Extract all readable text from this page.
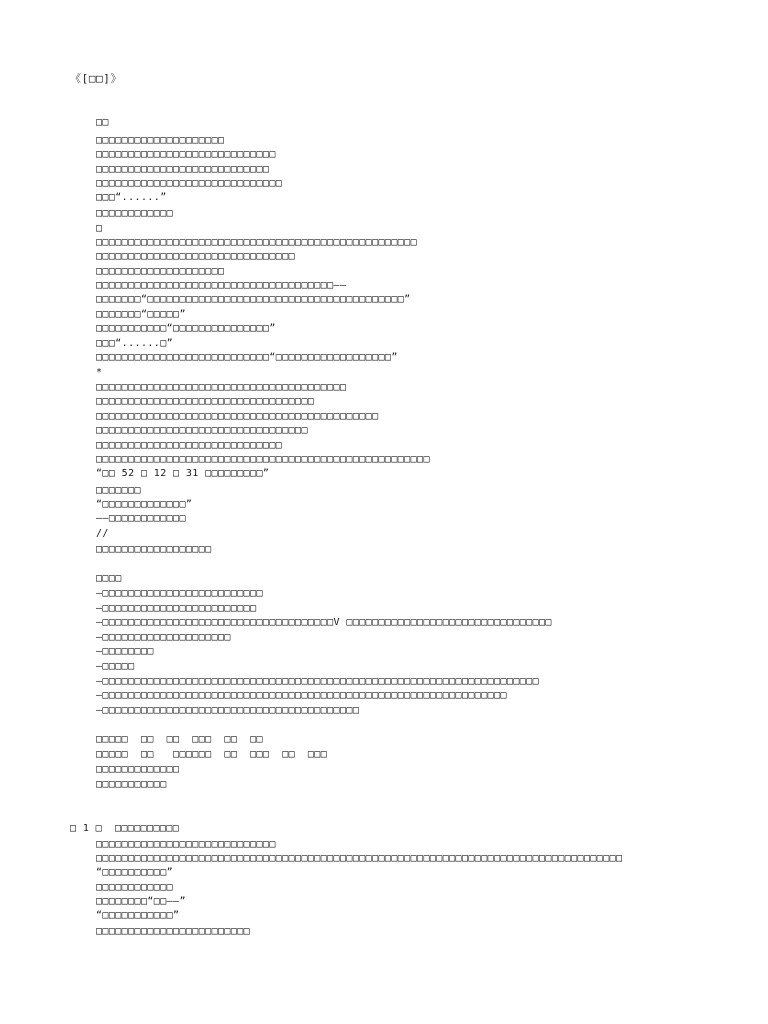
《[□□]》
□□
□□□□□□□□□□□□□□□□□□□□
□□□□□□□□□□□□□□□□□□□□□□□□□□□□
□□□□□□□□□□□□□□□□□□□□□□□□□□□
□□□□□□□□□□□□□□□□□□□□□□□□□□□□□
□□□“......”
□□□□□□□□□□□□
□
□□□□□□□□□□□□□□□□□□□□□□□□□□□□□□□□□□□□□□□□□□□□□□□□□□
□□□□□□□□□□□□□□□□□□□□□□□□□□□□□□□
□□□□□□□□□□□□□□□□□□□□
□□□□□□□□□□□□□□□□□□□□□□□□□□□□□□□□□□□□□——
□□□□□□□“□□□□□□□□□□□□□□□□□□□□□□□□□□□□□□□□□□□□□□□□”
□□□□□□□“□□□□□”
□□□□□□□□□□□“□□□□□□□□□□□□□□□”
□□□“......□”
□□□□□□□□□□□□□□□□□□□□□□□□□□□“□□□□□□□□□□□□□□□□□□”
*
□□□□□□□□□□□□□□□□□□□□□□□□□□□□□□□□□□□□□□□
□□□□□□□□□□□□□□□□□□□□□□□□□□□□□□□□□□
□□□□□□□□□□□□□□□□□□□□□□□□□□□□□□□□□□□□□□□□□□□□
□□□□□□□□□□□□□□□□□□□□□□□□□□□□□□□□□
□□□□□□□□□□□□□□□□□□□□□□□□□□□□□
□□□□□□□□□□□□□□□□□□□□□□□□□□□□□□□□□□□□□□□□□□□□□□□□□□□□
“□□ 52 □ 12 □ 31 □□□□□□□□□”
□□□□□□□
“□□□□□□□□□□□□□”
——□□□□□□□□□□□□
//
□□□□□□□□□□□□□□□□□□
□□□□
—□□□□□□□□□□□□□□□□□□□□□□□□□
—□□□□□□□□□□□□□□□□□□□□□□□□
—□□□□□□□□□□□□□□□□□□□□□□□□□□□□□□□□□□□□V □□□□□□□□□□□□□□□□□□□□□□□□□□□□□□□□
—□□□□□□□□□□□□□□□□□□□□
—□□□□□□□□
—□□□□□
—□□□□□□□□□□□□□□□□□□□□□□□□□□□□□□□□□□□□□□□□□□□□□□□□□□□□□□□□□□□□□□□□□□□□
—□□□□□□□□□□□□□□□□□□□□□□□□□□□□□□□□□□□□□□□□□□□□□□□□□□□□□□□□□□□□□□□
—□□□□□□□□□□□□□□□□□□□□□□□□□□□□□□□□□□□□□□□□
□□□□□  □□  □□  □□□  □□  □□
□□□□□  □□   □□□□□□  □□  □□□  □□  □□□
□□□□□□□□□□□□□
□□□□□□□□□□□
□ 1 □  □□□□□□□□□□
□□□□□□□□□□□□□□□□□□□□□□□□□□□□
□□□□□□□□□□□□□□□□□□□□□□□□□□□□□□□□□□□□□□□□□□□□□□□□□□□□□□□□□□□□□□□□□□□□□□□□□□□□□□□□□□
“□□□□□□□□□□”
□□□□□□□□□□□□
□□□□□□□□“□□——”
“□□□□□□□□□□□”
□□□□□□□□□□□□□□□□□□□□□□□□
